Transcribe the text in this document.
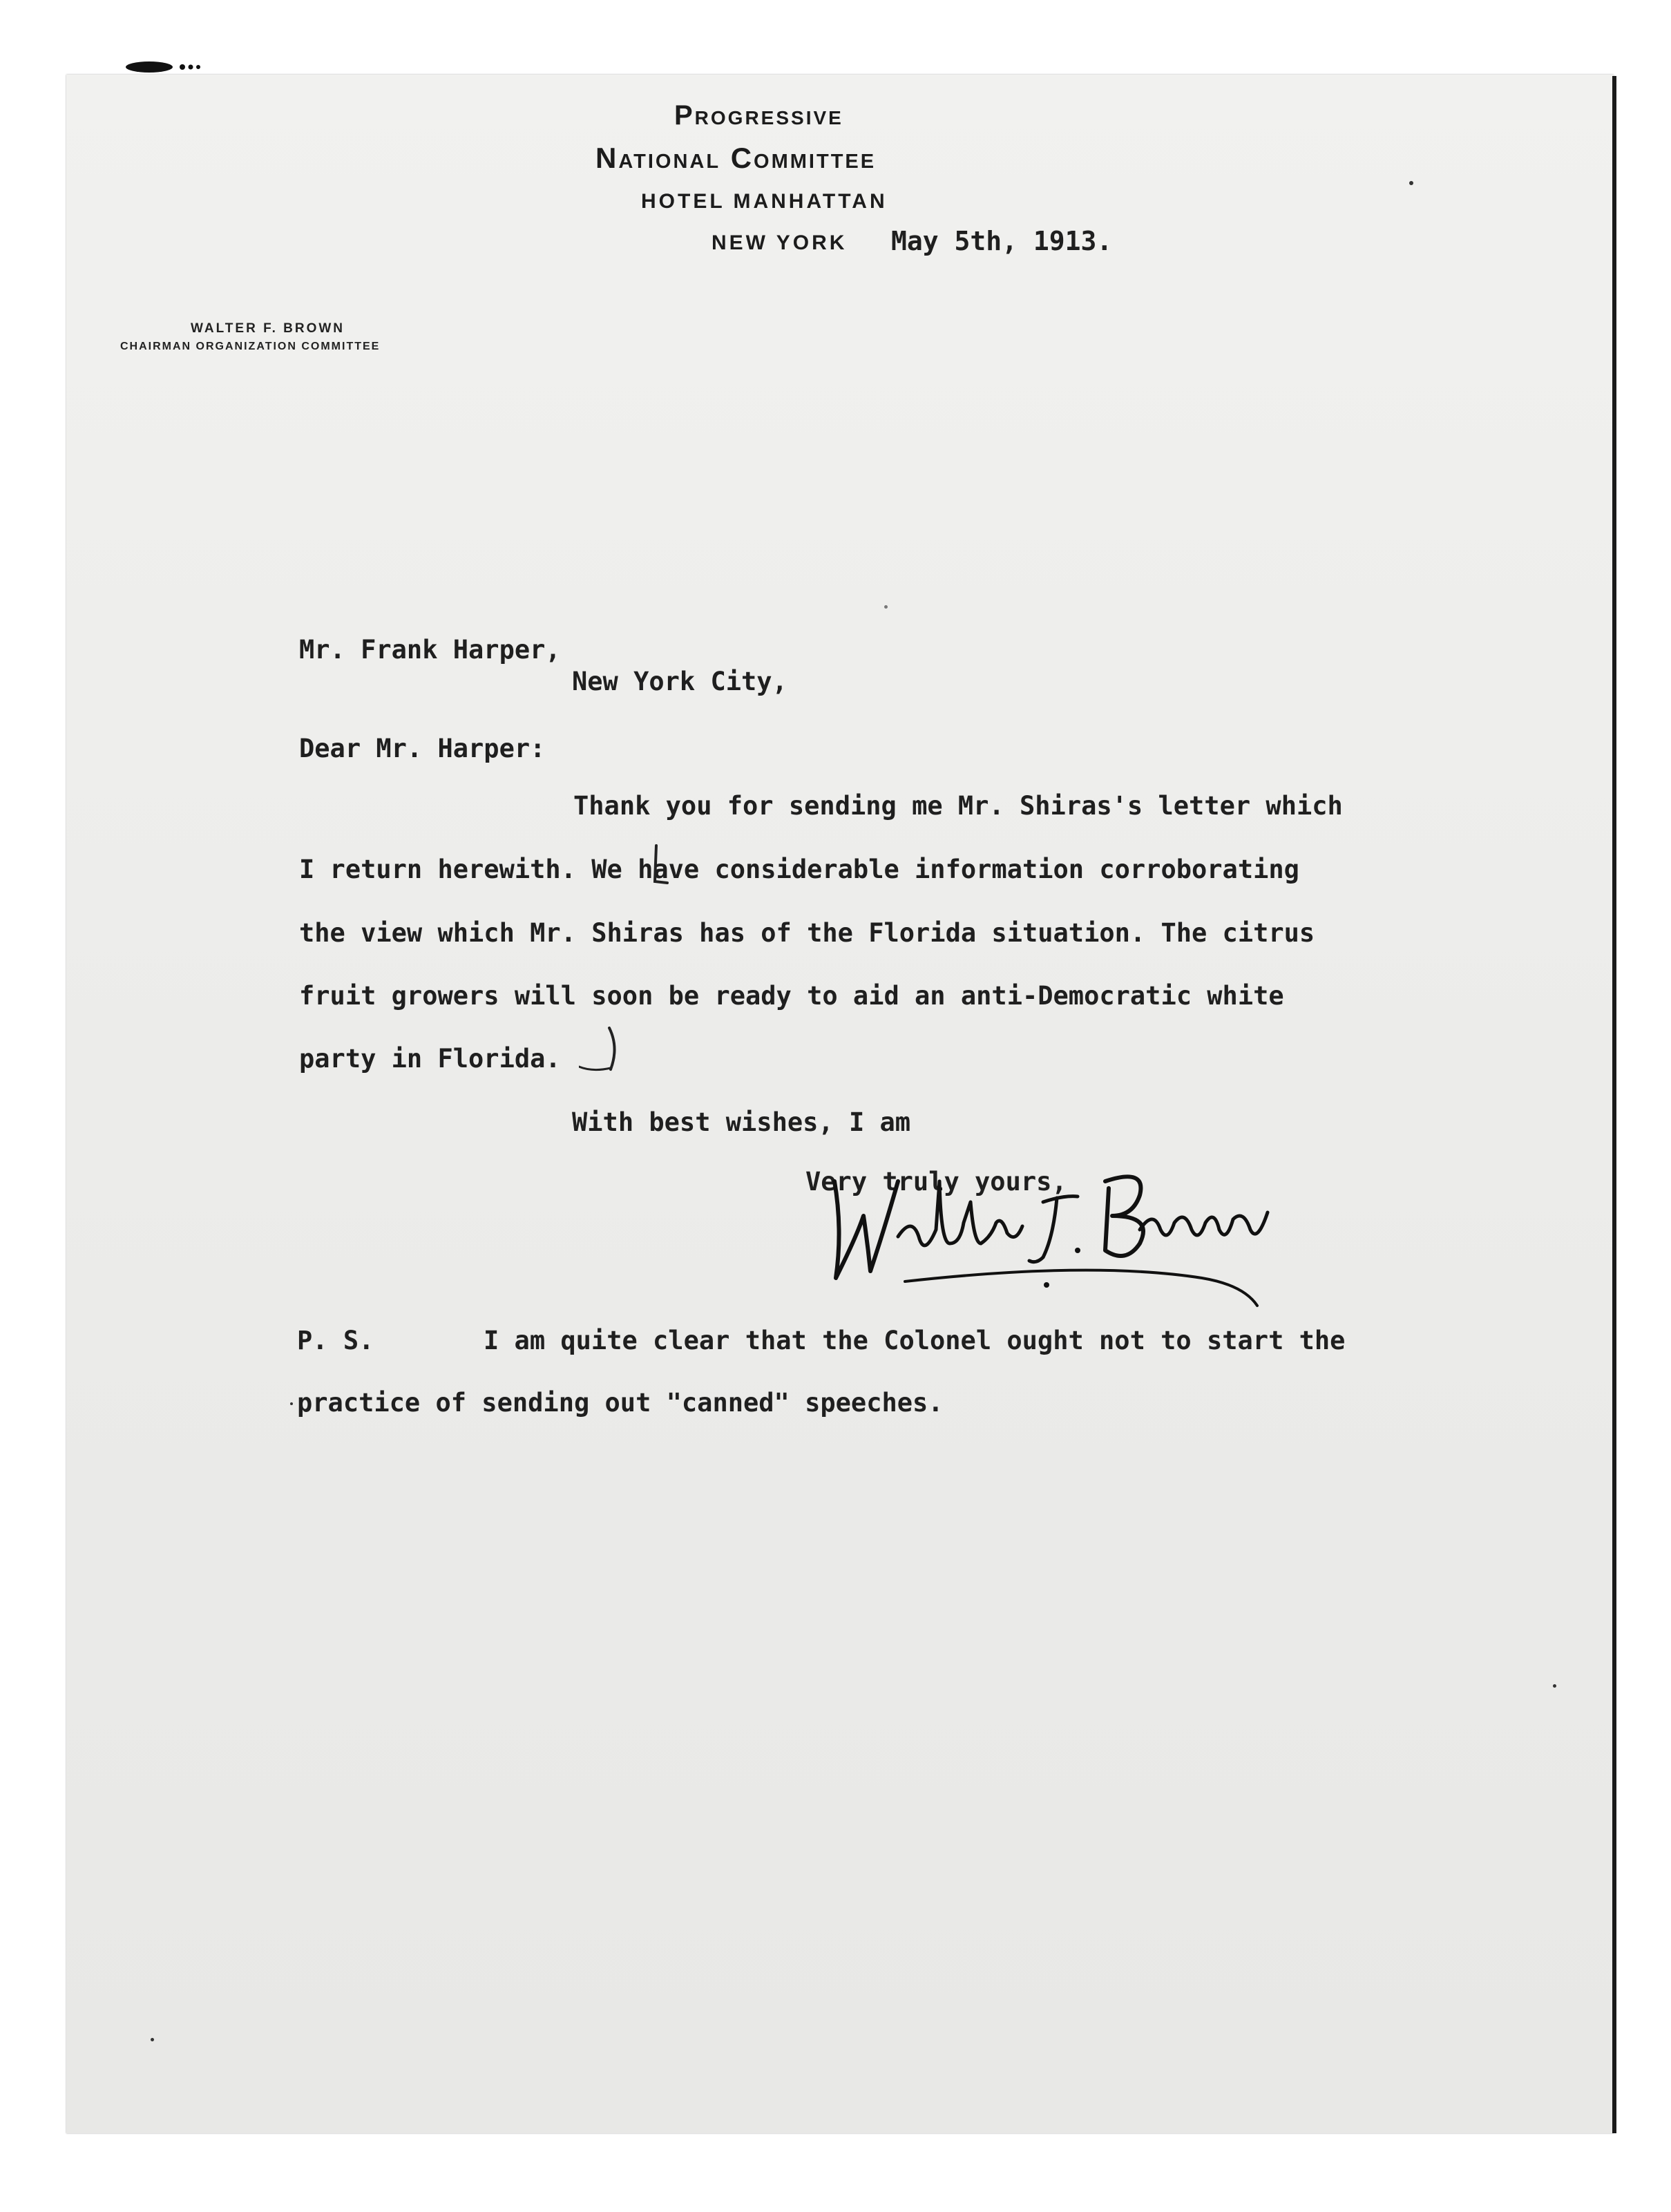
Progressive
National Committee
HOTEL MANHATTAN
NEW YORK May 5th, 1913.
WALTER F. BROWN
CHAIRMAN ORGANIZATION COMMITTEE
Mr. Frank Harper,
New York City,
Dear Mr. Harper:
Thank you for sending me Mr. Shiras's letter which
I return herewith. We have considerable information corroborating
the view which Mr. Shiras has of the Florida situation. The citrus
fruit growers will soon be ready to aid an anti-Democratic white
party in Florida.
With best wishes, I am
Very truly yours,
P. S.	I am quite clear that the Colonel ought not to start the
practice of sending out "canned" speeches.
